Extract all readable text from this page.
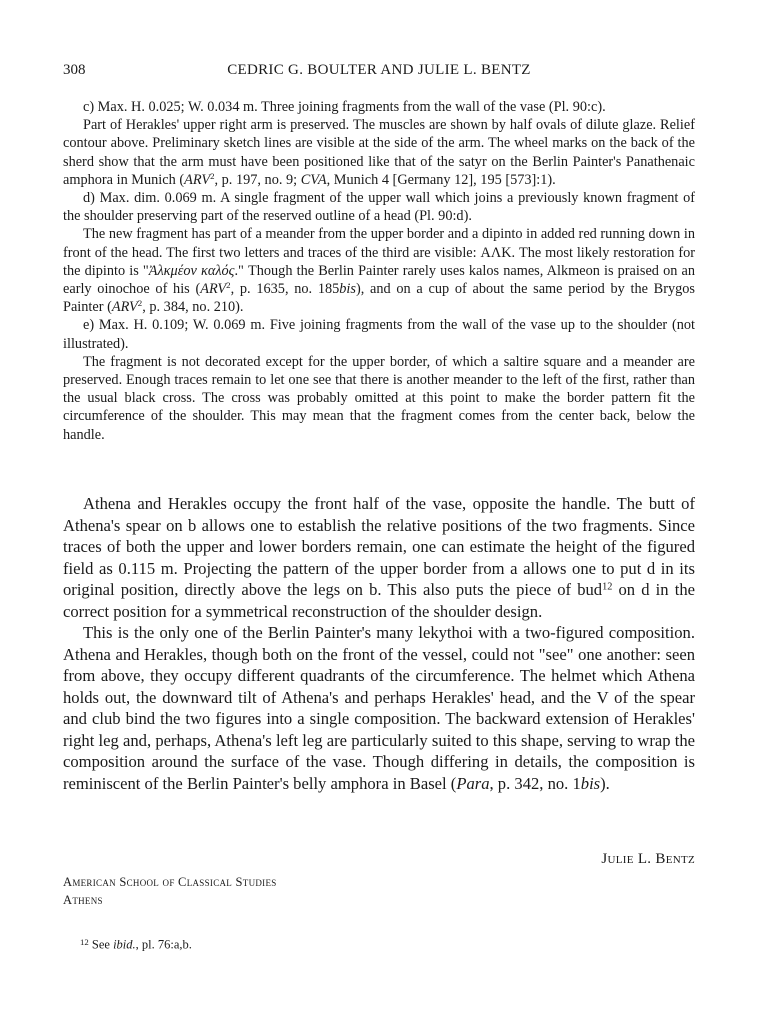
308	CEDRIC G. BOULTER AND JULIE L. BENTZ

c) Max. H. 0.025; W. 0.034 m. Three joining fragments from the wall of the vase (Pl. 90:c).

Part of Herakles' upper right arm is preserved. The muscles are shown by half ovals of dilute glaze. Relief contour above. Preliminary sketch lines are visible at the side of the arm. The wheel marks on the back of the sherd show that the arm must have been positioned like that of the satyr on the Berlin Painter's Panathenaic amphora in Munich (ARV$^2$, p. 197, no. 9; CVA, Munich 4 [Germany 12], 195 [573]:1).

d) Max. dim. 0.069 m. A single fragment of the upper wall which joins a previously known fragment of the shoulder preserving part of the reserved outline of a head (Pl. 90:d).

The new fragment has part of a meander from the upper border and a dipinto in added red running down in front of the head. The first two letters and traces of the third are visible: ΑΛΚ. The most likely restoration for the dipinto is "Ἀλκμέον καλός." Though the Berlin Painter rarely uses kalos names, Alkmeon is praised on an early oinochoe of his (ARV$^2$, p. 1635, no. 185bis), and on a cup of about the same period by the Brygos Painter (ARV$^2$, p. 384, no. 210).

e) Max. H. 0.109; W. 0.069 m. Five joining fragments from the wall of the vase up to the shoulder (not illustrated).

The fragment is not decorated except for the upper border, of which a saltire square and a meander are preserved. Enough traces remain to let one see that there is another meander to the left of the first, rather than the usual black cross. The cross was probably omitted at this point to make the border pattern fit the circumference of the shoulder. This may mean that the fragment comes from the center back, below the handle.

Athena and Herakles occupy the front half of the vase, opposite the handle. The butt of Athena's spear on b allows one to establish the relative positions of the two fragments. Since traces of both the upper and lower borders remain, one can estimate the height of the figured field as 0.115 m. Projecting the pattern of the upper border from a allows one to put d in its original position, directly above the legs on b. This also puts the piece of bud$^{12}$ on d in the correct position for a symmetrical reconstruction of the shoulder design.

This is the only one of the Berlin Painter's many lekythoi with a two-figured composition. Athena and Herakles, though both on the front of the vessel, could not "see" one another: seen from above, they occupy different quadrants of the circumference. The helmet which Athena holds out, the downward tilt of Athena's and perhaps Herakles' head, and the V of the spear and club bind the two figures into a single composition. The backward extension of Herakles' right leg and, perhaps, Athena's left leg are particularly suited to this shape, serving to wrap the composition around the surface of the vase. Though differing in details, the composition is reminiscent of the Berlin Painter's belly amphora in Basel (Para, p. 342, no. 1bis).

Julie L. Bentz
American School of Classical Studies
Athens
$^{12}$ See ibid., pl. 76:a,b.
